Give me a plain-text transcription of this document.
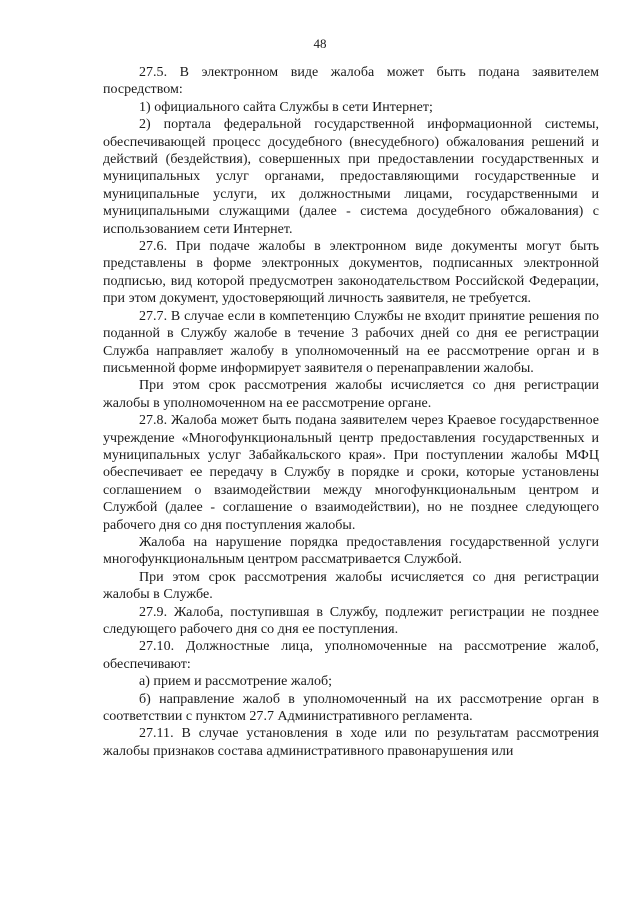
48

27.5. В электронном виде жалоба может быть подана заявителем посредством:

1) официального сайта Службы в сети Интернет;

2) портала федеральной государственной информационной системы, обеспечивающей процесс досудебного (внесудебного) обжалования решений и действий (бездействия), совершенных при предоставлении государственных и муниципальных услуг органами, предоставляющими государственные и муниципальные услуги, их должностными лицами, государственными и муниципальными служащими (далее - система досудебного обжалования) с использованием сети Интернет.

27.6. При подаче жалобы в электронном виде документы могут быть представлены в форме электронных документов, подписанных электронной подписью, вид которой предусмотрен законодательством Российской Федерации, при этом документ, удостоверяющий личность заявителя, не требуется.

27.7. В случае если в компетенцию Службы не входит принятие решения по поданной в Службу жалобе в течение 3 рабочих дней со дня ее регистрации Служба направляет жалобу в уполномоченный на ее рассмотрение орган и в письменной форме информирует заявителя о перенаправлении жалобы.

При этом срок рассмотрения жалобы исчисляется со дня регистрации жалобы в уполномоченном на ее рассмотрение органе.

27.8. Жалоба может быть подана заявителем через Краевое государственное учреждение «Многофункциональный центр предоставления государственных и муниципальных услуг Забайкальского края». При поступлении жалобы МФЦ обеспечивает ее передачу в Службу в порядке и сроки, которые установлены соглашением о взаимодействии между многофункциональным центром и Службой (далее - соглашение о взаимодействии), но не позднее следующего рабочего дня со дня поступления жалобы.

Жалоба на нарушение порядка предоставления государственной услуги многофункциональным центром рассматривается Службой.

При этом срок рассмотрения жалобы исчисляется со дня регистрации жалобы в Службе.

27.9. Жалоба, поступившая в Службу, подлежит регистрации не позднее следующего рабочего дня со дня ее поступления.

27.10. Должностные лица, уполномоченные на рассмотрение жалоб, обеспечивают:

а) прием и рассмотрение жалоб;

б) направление жалоб в уполномоченный на их рассмотрение орган в соответствии с пунктом 27.7 Административного регламента.

27.11. В случае установления в ходе или по результатам рассмотрения жалобы признаков состава административного правонарушения или
